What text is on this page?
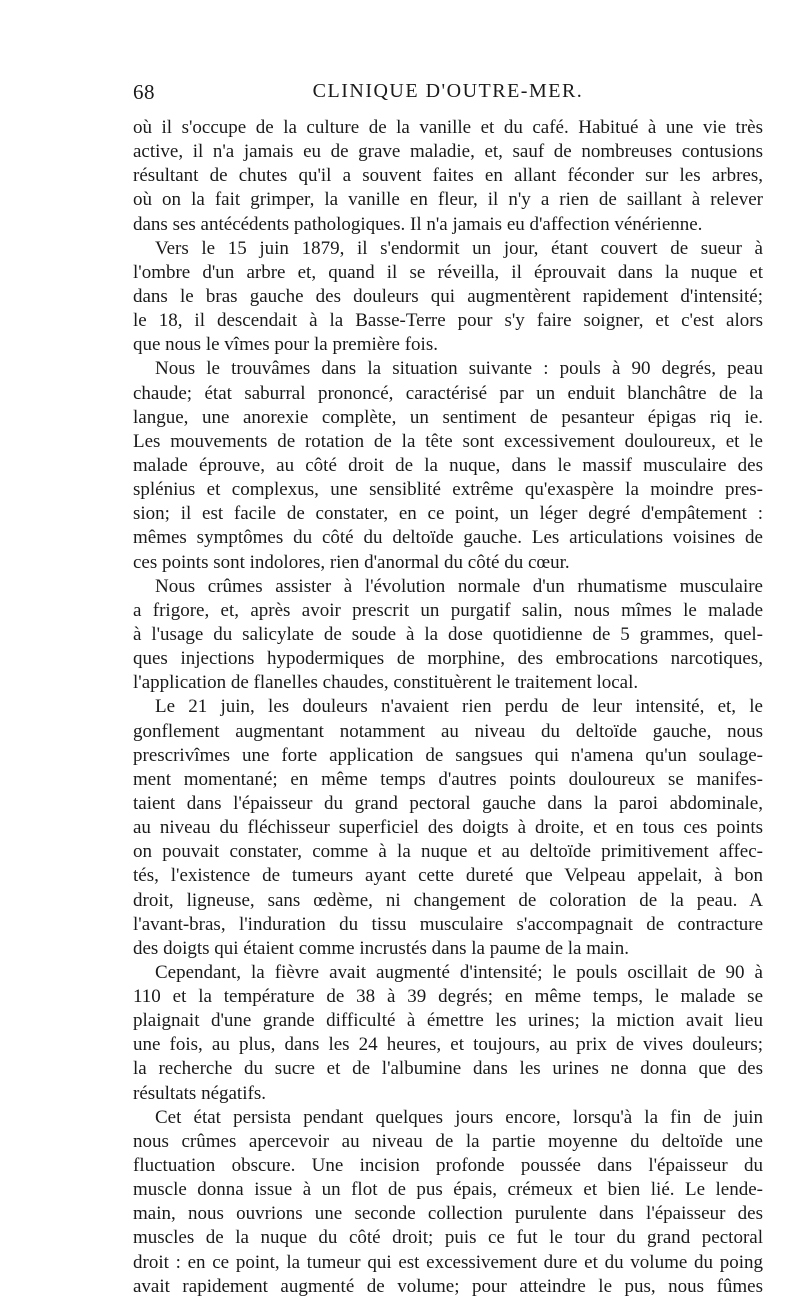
68	CLINIQUE D'OUTRE-MER.
où il s'occupe de la culture de la vanille et du café. Habitué à une vie très
active, il n'a jamais eu de grave maladie, et, sauf de nombreuses contusions
résultant de chutes qu'il a souvent faites en allant féconder sur les arbres,
où on la fait grimper, la vanille en fleur, il n'y a rien de saillant à relever
dans ses antécédents pathologiques. Il n'a jamais eu d'affection vénérienne.
Vers le 15 juin 1879, il s'endormit un jour, étant couvert de sueur à
l'ombre d'un arbre et, quand il se réveilla, il éprouvait dans la nuque et
dans le bras gauche des douleurs qui augmentèrent rapidement d'intensité;
le 18, il descendait à la Basse-Terre pour s'y faire soigner, et c'est alors
que nous le vîmes pour la première fois.
Nous le trouvâmes dans la situation suivante : pouls à 90 degrés, peau
chaude; état saburral prononcé, caractérisé par un enduit blanchâtre de la
langue, une anorexie complète, un sentiment de pesanteur épigas riq ie.
Les mouvements de rotation de la tête sont excessivement douloureux, et le
malade éprouve, au côté droit de la nuque, dans le massif musculaire des
splénius et complexus, une sensiblité extrême qu'exaspère la moindre pres-
sion; il est facile de constater, en ce point, un léger degré d'empâtement :
mêmes symptômes du côté du deltoïde gauche. Les articulations voisines de
ces points sont indolores, rien d'anormal du côté du cœur.
Nous crûmes assister à l'évolution normale d'un rhumatisme musculaire
a frigore, et, après avoir prescrit un purgatif salin, nous mîmes le malade
à l'usage du salicylate de soude à la dose quotidienne de 5 grammes, quel-
ques injections hypodermiques de morphine, des embrocations narcotiques,
l'application de flanelles chaudes, constituèrent le traitement local.
Le 21 juin, les douleurs n'avaient rien perdu de leur intensité, et, le
gonflement augmentant notamment au niveau du deltoïde gauche, nous
prescrivîmes une forte application de sangsues qui n'amena qu'un soulage-
ment momentané; en même temps d'autres points douloureux se manifes-
taient dans l'épaisseur du grand pectoral gauche dans la paroi abdominale,
au niveau du fléchisseur superficiel des doigts à droite, et en tous ces points
on pouvait constater, comme à la nuque et au deltoïde primitivement affec-
tés, l'existence de tumeurs ayant cette dureté que Velpeau appelait, à bon
droit, ligneuse, sans œdème, ni changement de coloration de la peau. A
l'avant-bras, l'induration du tissu musculaire s'accompagnait de contracture
des doigts qui étaient comme incrustés dans la paume de la main.
Cependant, la fièvre avait augmenté d'intensité; le pouls oscillait de 90 à
110 et la température de 38 à 39 degrés; en même temps, le malade se
plaignait d'une grande difficulté à émettre les urines; la miction avait lieu
une fois, au plus, dans les 24 heures, et toujours, au prix de vives douleurs;
la recherche du sucre et de l'albumine dans les urines ne donna que des
résultats négatifs.
Cet état persista pendant quelques jours encore, lorsqu'à la fin de juin
nous crûmes apercevoir au niveau de la partie moyenne du deltoïde une
fluctuation obscure. Une incision profonde poussée dans l'épaisseur du
muscle donna issue à un flot de pus épais, crémeux et bien lié. Le lende-
main, nous ouvrions une seconde collection purulente dans l'épaisseur des
muscles de la nuque du côté droit; puis ce fut le tour du grand pectoral
droit : en ce point, la tumeur qui est excessivement dure et du volume du poing
avait rapidement augmenté de volume; pour atteindre le pus, nous fûmes
